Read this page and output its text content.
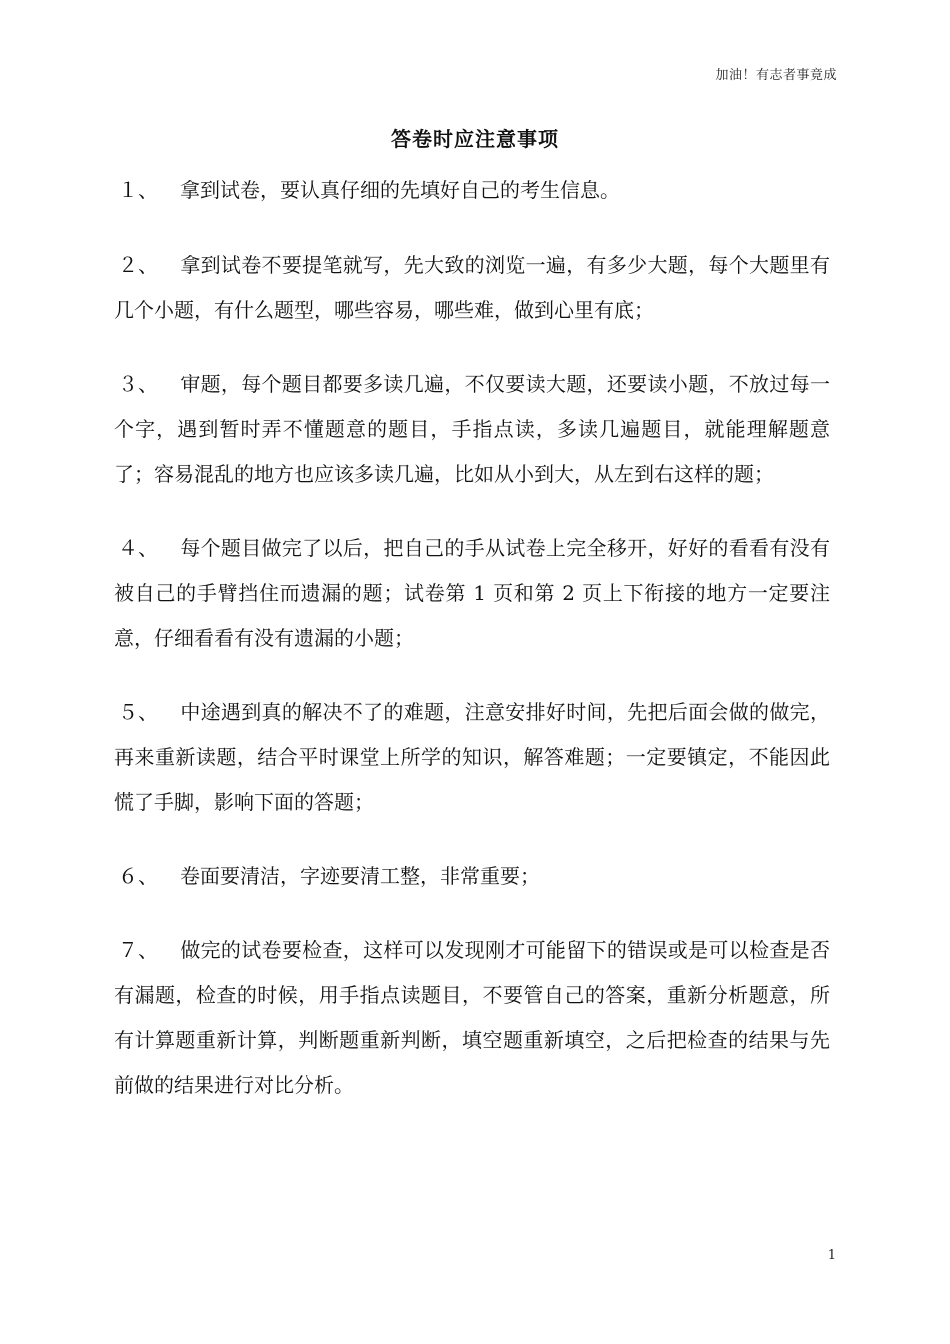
加油！有志者事竟成
答卷时应注意事项

１、 拿到试卷，要认真仔细的先填好自己的考生信息。

２、 拿到试卷不要提笔就写，先大致的浏览一遍，有多少大题，每个大题里有几个小题，有什么题型，哪些容易，哪些难，做到心里有底；

３、 审题，每个题目都要多读几遍，不仅要读大题，还要读小题，不放过每一个字，遇到暂时弄不懂题意的题目，手指点读，多读几遍题目，就能理解题意了；容易混乱的地方也应该多读几遍，比如从小到大，从左到右这样的题；

４、 每个题目做完了以后，把自己的手从试卷上完全移开，好好的看看有没有被自己的手臂挡住而遗漏的题；试卷第 1 页和第 2 页上下衔接的地方一定要注意，仔细看看有没有遗漏的小题；

５、 中途遇到真的解决不了的难题，注意安排好时间，先把后面会做的做完，再来重新读题，结合平时课堂上所学的知识，解答难题；一定要镇定，不能因此慌了手脚，影响下面的答题；

６、 卷面要清洁，字迹要清工整，非常重要；

７、 做完的试卷要检查，这样可以发现刚才可能留下的错误或是可以检查是否有漏题，检查的时候，用手指点读题目，不要管自己的答案，重新分析题意，所有计算题重新计算，判断题重新判断，填空题重新填空，之后把检查的结果与先前做的结果进行对比分析。

1
